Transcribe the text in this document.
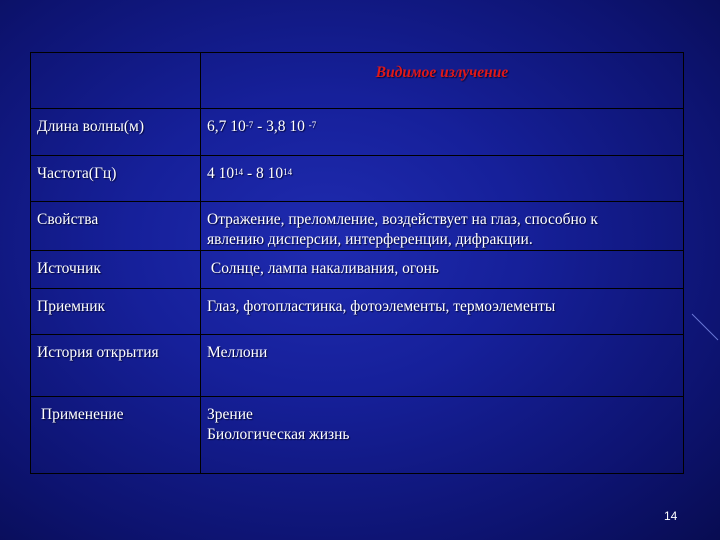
	Видимое излучение
Длина волны(м)	6,7 $10^{-7} - 3,8$ 10 $^{-7}$
Частота(Гц)	4 $10^{14} - 8$ $10^{14}$
Свойства	Отражение, преломление, воздействует на глаз, способно к
явлению дисперсии, интерференции, дифракции.

Источник	Солнце, лампа накаливания, огонь
Приемник	Глаз, фотопластинка, фотоэлементы, термоэлементы
История открытия	Меллони
Применение	Зрение
Биологическая жизнь
14
